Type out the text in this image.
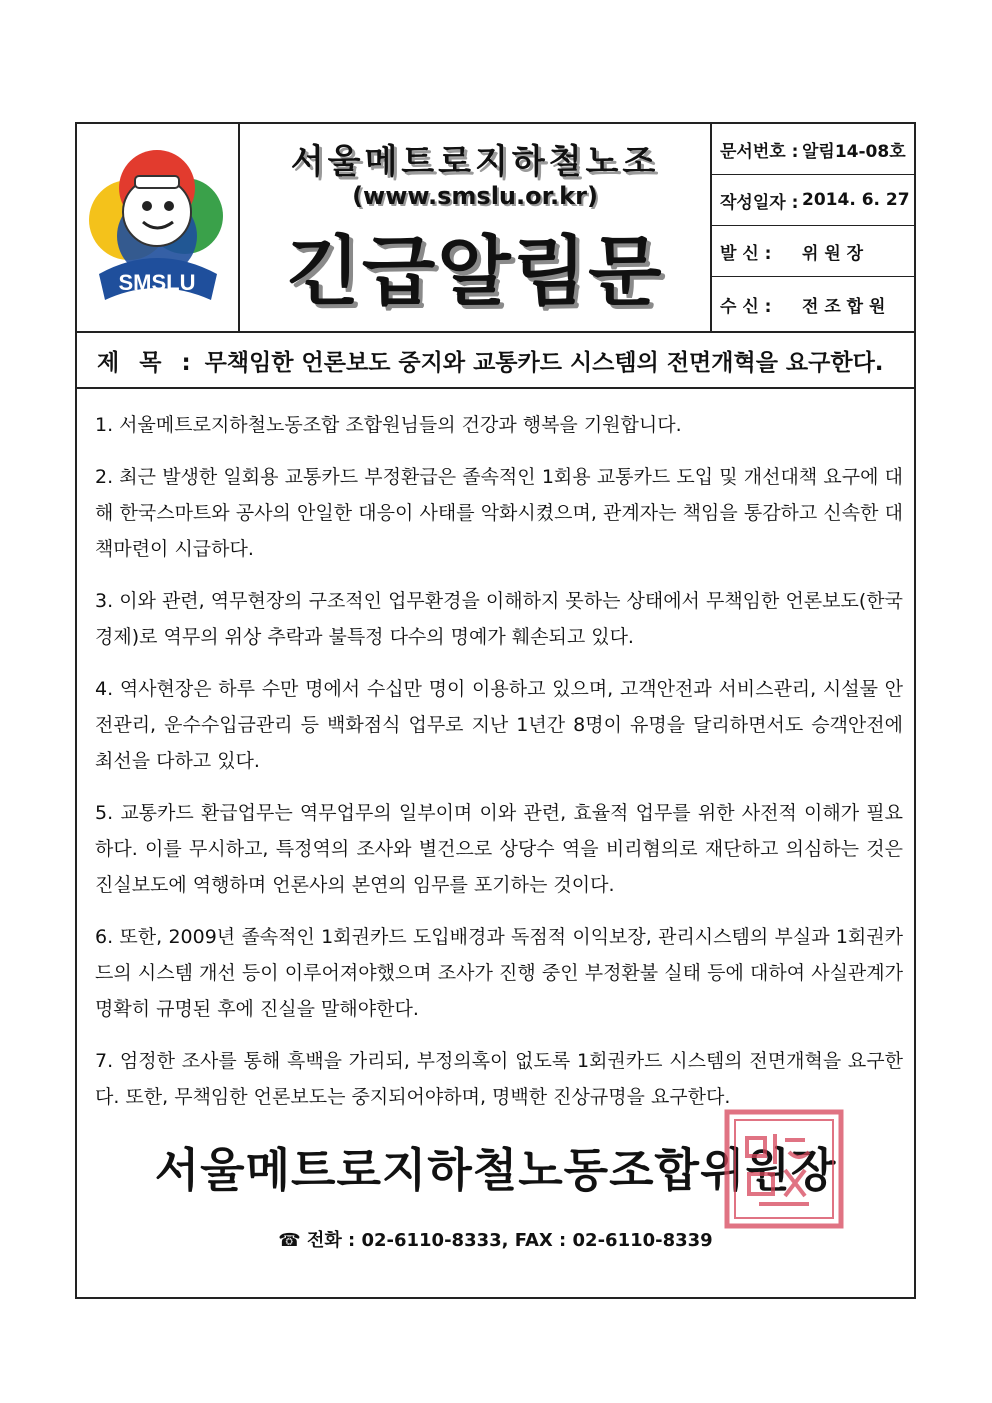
SMSLU
서울메트로지하철노조
(www.smslu.or.kr)
긴급알림문
문서번호 : 알림14-08호
작성일자 : 2014. 6. 27
발 신 :	위 원 장
수 신 :	전 조 합 원
제 목 : 무책임한 언론보도 중지와 교통카드 시스템의 전면개혁을 요구한다.

1. 서울메트로지하철노동조합 조합원님들의 건강과 행복을 기원합니다.

2. 최근 발생한 일회용 교통카드 부정환급은 졸속적인 1회용 교통카드 도입 및 개선대책 요구에 대해 한국스마트와 공사의 안일한 대응이 사태를 악화시켰으며, 관계자는 책임을 통감하고 신속한 대책마련이 시급하다.

3. 이와 관련, 역무현장의 구조적인 업무환경을 이해하지 못하는 상태에서 무책임한 언론보도(한국경제)로 역무의 위상 추락과 불특정 다수의 명예가 훼손되고 있다.

4. 역사현장은 하루 수만 명에서 수십만 명이 이용하고 있으며, 고객안전과 서비스관리, 시설물 안전관리, 운수수입금관리 등 백화점식 업무로 지난 1년간 8명이 유명을 달리하면서도 승객안전에 최선을 다하고 있다.

5. 교통카드 환급업무는 역무업무의 일부이며 이와 관련, 효율적 업무를 위한 사전적 이해가 필요하다. 이를 무시하고, 특정역의 조사와 별건으로 상당수 역을 비리혐의로 재단하고 의심하는 것은 진실보도에 역행하며 언론사의 본연의 임무를 포기하는 것이다.

6. 또한, 2009년 졸속적인 1회권카드 도입배경과 독점적 이익보장, 관리시스템의 부실과 1회권카드의 시스템 개선 등이 이루어져야했으며 조사가 진행 중인 부정환불 실태 등에 대하여 사실관계가 명확히 규명된 후에 진실을 말해야한다.

7. 엄정한 조사를 통해 흑백을 가리되, 부정의혹이 없도록 1회권카드 시스템의 전면개혁을 요구한다. 또한, 무책임한 언론보도는 중지되어야하며, 명백한 진상규명을 요구한다.

서울메트로지하철노동조합위원장
☎ 전화 : 02-6110-8333, FAX : 02-6110-8339
